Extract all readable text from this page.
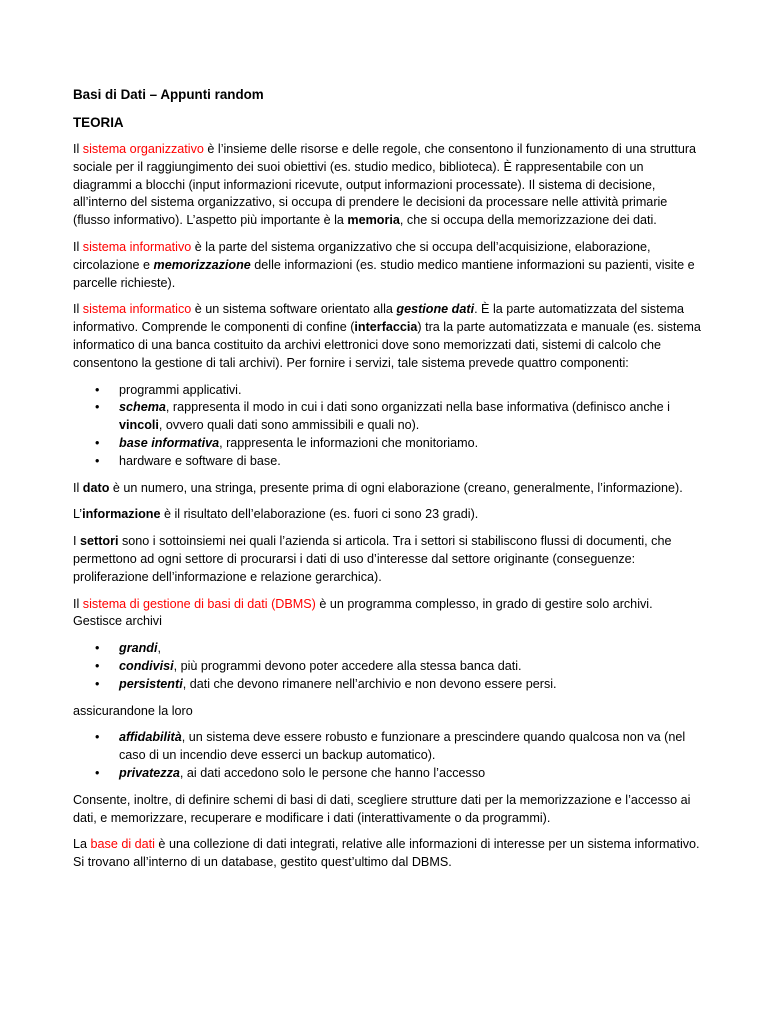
Basi di Dati – Appunti random
TEORIA

Il sistema organizzativo è l’insieme delle risorse e delle regole, che consentono il funzionamento di una struttura sociale per il raggiungimento dei suoi obiettivi (es. studio medico, biblioteca). È rappresentabile con un diagrammi a blocchi (input informazioni ricevute, output informazioni processate). Il sistema di decisione, all’interno del sistema organizzativo, si occupa di prendere le decisioni da processare nelle attività primarie (flusso informativo). L’aspetto più importante è la memoria, che si occupa della memorizzazione dei dati.

Il sistema informativo è la parte del sistema organizzativo che si occupa dell’acquisizione, elaborazione, circolazione e memorizzazione delle informazioni (es. studio medico mantiene informazioni su pazienti, visite e parcelle richieste).

Il sistema informatico è un sistema software orientato alla gestione dati. È la parte automatizzata del sistema informativo. Comprende le componenti di confine (interfaccia) tra la parte automatizzata e manuale (es. sistema informatico di una banca costituito da archivi elettronici dove sono memorizzati dati, sistemi di calcolo che consentono la gestione di tali archivi). Per fornire i servizi, tale sistema prevede quattro componenti:

• programmi applicativi.
• schema, rappresenta il modo in cui i dati sono organizzati nella base informativa (definisco anche i vincoli, ovvero quali dati sono ammissibili e quali no).
• base informativa, rappresenta le informazioni che monitoriamo.
• hardware e software di base.

Il dato è un numero, una stringa, presente prima di ogni elaborazione (creano, generalmente, l’informazione).

L’informazione è il risultato dell’elaborazione (es. fuori ci sono 23 gradi).

I settori sono i sottoinsiemi nei quali l’azienda si articola. Tra i settori si stabiliscono flussi di documenti, che permettono ad ogni settore di procurarsi i dati di uso d’interesse dal settore originante (conseguenze: proliferazione dell’informazione e relazione gerarchica).

Il sistema di gestione di basi di dati (DBMS) è un programma complesso, in grado di gestire solo archivi. Gestisce archivi

• grandi,
• condivisi, più programmi devono poter accedere alla stessa banca dati.
• persistenti, dati che devono rimanere nell’archivio e non devono essere persi.

assicurandone la loro

• affidabilità, un sistema deve essere robusto e funzionare a prescindere quando qualcosa non va (nel caso di un incendio deve esserci un backup automatico).
• privatezza, ai dati accedono solo le persone che hanno l’accesso

Consente, inoltre, di definire schemi di basi di dati, scegliere strutture dati per la memorizzazione e l’accesso ai dati, e memorizzare, recuperare e modificare i dati (interattivamente o da programmi).

La base di dati è una collezione di dati integrati, relative alle informazioni di interesse per un sistema informativo. Si trovano all’interno di un database, gestito quest’ultimo dal DBMS.
